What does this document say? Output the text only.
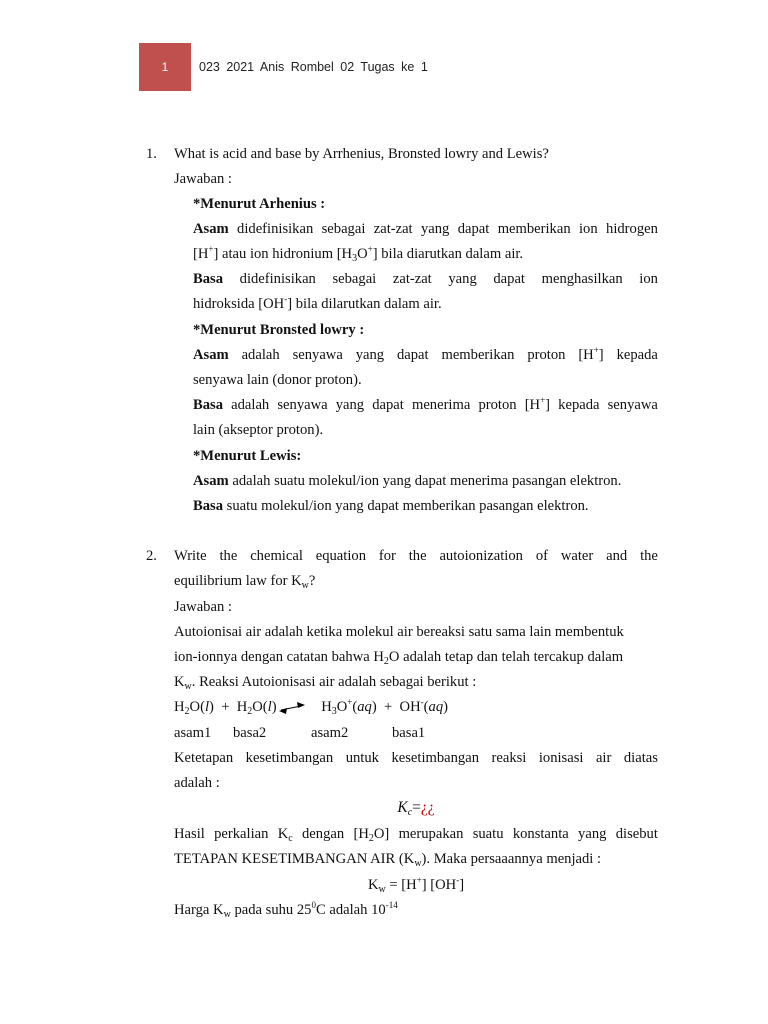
1 023 2021 Anis Rombel 02 Tugas ke 1
1. What is acid and base by Arrhenius, Bronsted lowry and Lewis?
Jawaban :
*Menurut Arhenius :
Asam didefinisikan sebagai zat-zat yang dapat memberikan ion hidrogen
[H+] atau ion hidronium $[H_3O^+]$ bila diarutkan dalam air.
Basa didefinisikan sebagai zat-zat yang dapat menghasilkan ion
hidroksida [OH-] bila dilarutkan dalam air.
*Menurut Bronsted lowry :
Asam adalah senyawa yang dapat memberikan proton [H+] kepada
senyawa lain (donor proton).
Basa adalah senyawa yang dapat menerima proton [H+] kepada senyawa
lain (akseptor proton).
*Menurut Lewis:
Asam adalah suatu molekul/ion yang dapat menerima pasangan elektron.
Basa suatu molekul/ion yang dapat memberikan pasangan elektron.
2. Write the chemical equation for the autoionization of water and the
equilibrium law for $K_w$?
Jawaban :
Autoionisai air adalah ketika molekul air bereaksi satu sama lain membentuk
ion-ionnya dengan catatan bahwa $H_2O$ adalah tetap dan telah tercakup dalam
$K_w$. Reaksi Autoionisasi air adalah sebagai berikut :
$H_2O(l) + H_2O(l)$	$H_3O^+(aq) + OH^-(aq)$
asam1 basa2	asam2	basa1
Ketetapan kesetimbangan untuk kesetimbangan reaksi ionisasi air diatas
adalah :
$K_c=¿¿$
Hasil perkalian $K_c$ dengan $[H_2O]$ merupakan suatu konstanta yang disebut
TETAPAN KESETIMBANGAN AIR $(K_w)$. Maka persaaannya menjadi :
$K_w = [H^+]$ [OH-]
Harga $K_w$ pada suhu $25^0C$ adalah $10^{-14}$
